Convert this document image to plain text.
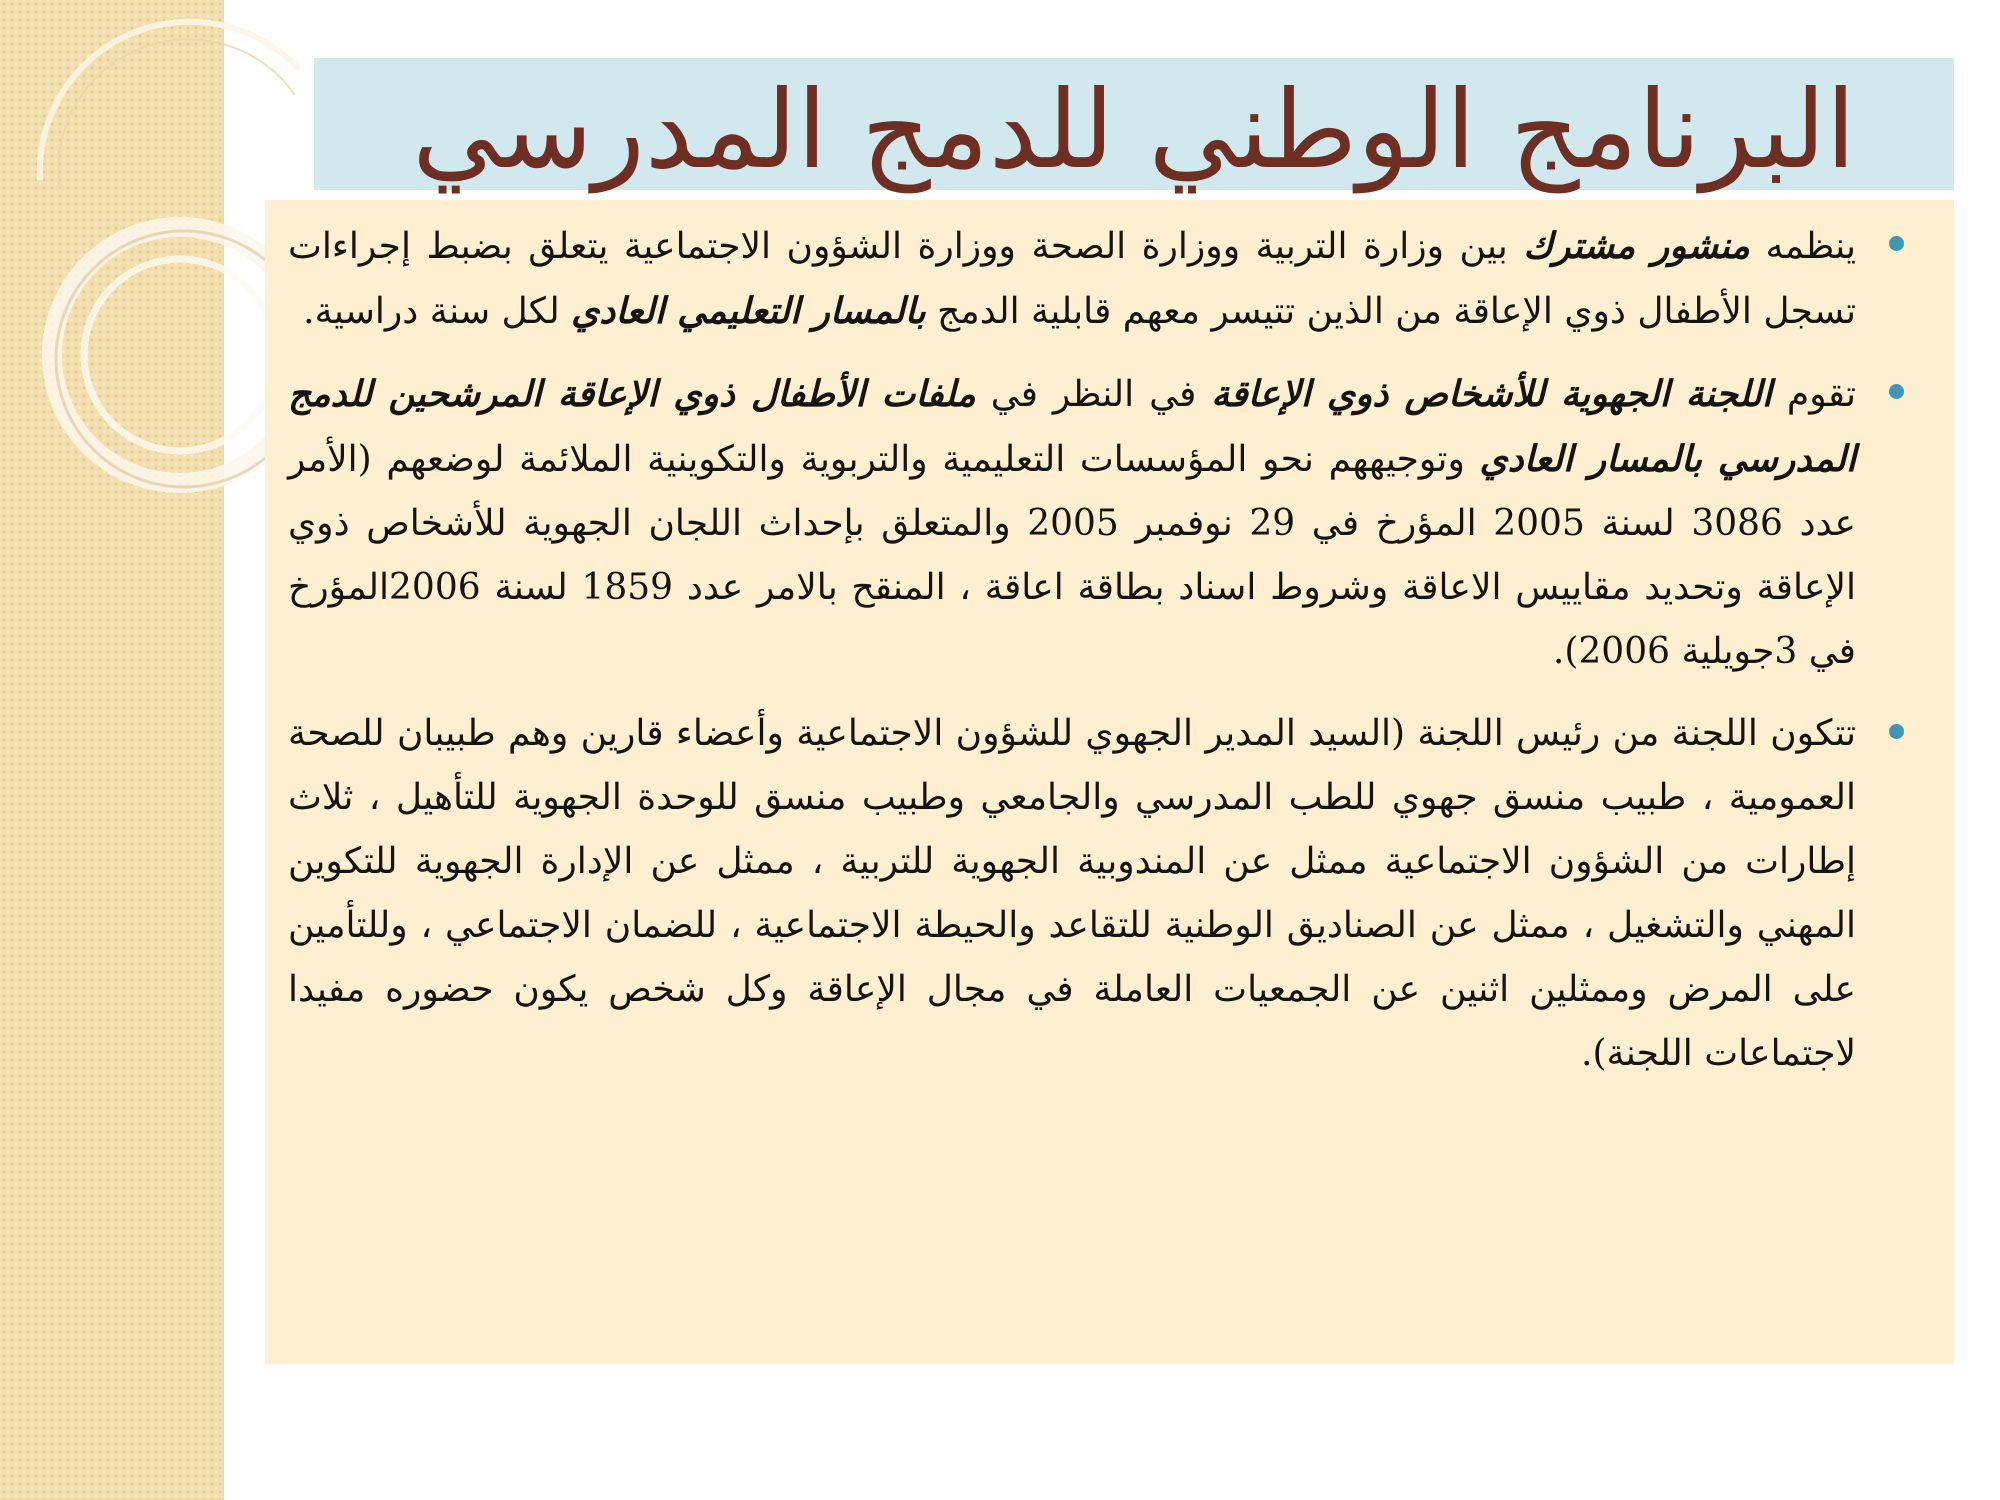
البرنامج الوطني للدمج المدرسي
ينظمه منشور مشترك بين وزارة التربية ووزارة الصحة ووزارة الشؤون الاجتماعية يتعلق بضبط إجراءات تسجل الأطفال ذوي الإعاقة من الذين تتيسر معهم قابلية الدمج بالمسار التعليمي العادي لكل سنة دراسية.
تقوم اللجنة الجهوية للأشخاص ذوي الإعاقة في النظر في ملفات الأطفال ذوي الإعاقة المرشحين للدمج المدرسي بالمسار العادي وتوجيههم نحو المؤسسات التعليمية والتربوية والتكوينية الملائمة لوضعهم (الأمر عدد 3086 لسنة 2005 المؤرخ في 29 نوفمبر 2005 والمتعلق بإحداث اللجان الجهوية للأشخاص ذوي الإعاقة وتحديد مقاييس الاعاقة وشروط اسناد بطاقة اعاقة ، المنقح بالامر عدد 1859 لسنة 2006المؤرخ في 3جويلية 2006).
تتكون اللجنة من رئيس اللجنة (السيد المدير الجهوي للشؤون الاجتماعية وأعضاء قارين وهم طبيبان للصحة العمومية ، طبيب منسق جهوي للطب المدرسي والجامعي وطبيب منسق للوحدة الجهوية للتأهيل ، ثلاث إطارات من الشؤون الاجتماعية ممثل عن المندوبية الجهوية للتربية ، ممثل عن الإدارة الجهوية للتكوين المهني والتشغيل ، ممثل عن الصناديق الوطنية للتقاعد والحيطة الاجتماعية ، للضمان الاجتماعي ، وللتأمين على المرض وممثلين اثنين عن الجمعيات العاملة في مجال الإعاقة وكل شخص يكون حضوره مفيدا لاجتماعات اللجنة).
